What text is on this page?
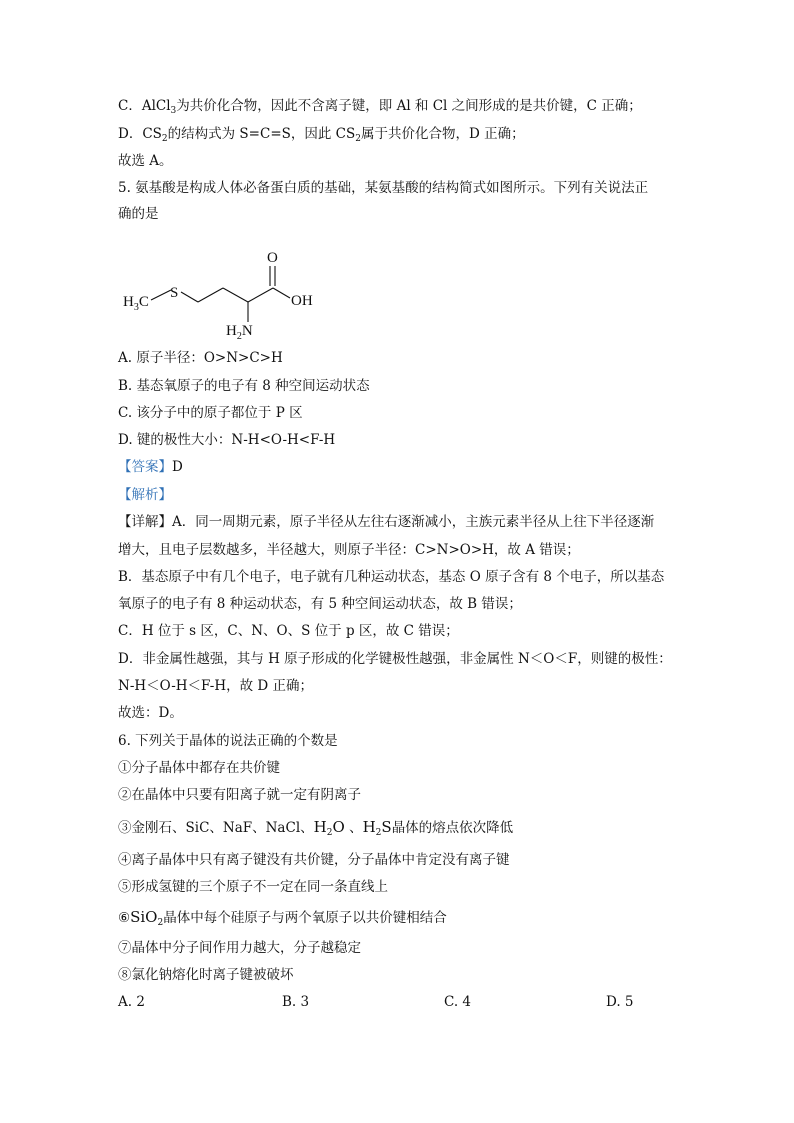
C．AlCl$_3$为共价化合物，因此不含离子键，即 Al 和 Cl 之间形成的是共价键，C 正确；
D．$CS_2$的结构式为 S=C=S，因此 $CS_2$属于共价化合物，D 正确；
故选 A。
5. 氨基酸是构成人体必备蛋白质的基础，某氨基酸的结构简式如图所示。下列有关说法正
确的是
S
O
OH
$H_3C$
$H_2N$
A. 原子半径：O>N>C>H
B. 基态氧原子的电子有 8 种空间运动状态
C. 该分子中的原子都位于 P 区
D. 键的极性大小：N-H<O-H<F-H
【答案】D
【解析】
【详解】A．同一周期元素，原子半径从左往右逐渐减小，主族元素半径从上往下半径逐渐
增大，且电子层数越多，半径越大，则原子半径：C>N>O>H，故 A 错误；
B．基态原子中有几个电子，电子就有几种运动状态，基态 O 原子含有 8 个电子，所以基态
氧原子的电子有 8 种运动状态，有 5 种空间运动状态，故 B 错误；
C．H 位于 s 区，C、N、O、S 位于 p 区，故 C 错误；
D．非金属性越强，其与 H 原子形成的化学键极性越强，非金属性 N＜O＜F，则键的极性：
N-H＜O-H＜F-H，故 D 正确；
故选：D。
6. 下列关于晶体的说法正确的个数是
①分子晶体中都存在共价键
②在晶体中只要有阳离子就一定有阴离子
③金刚石、SiC、NaF、NaCl、$H_2O$ 、$H_2S$晶体的熔点依次降低
④离子晶体中只有离子键没有共价键，分子晶体中肯定没有离子键
⑤形成氢键的三个原子不一定在同一条直线上
⑥SiO$_2$晶体中每个硅原子与两个氧原子以共价键相结合
⑦晶体中分子间作用力越大，分子越稳定
⑧氯化钠熔化时离子键被破坏
A. 2	B. 3	C. 4	D. 5
